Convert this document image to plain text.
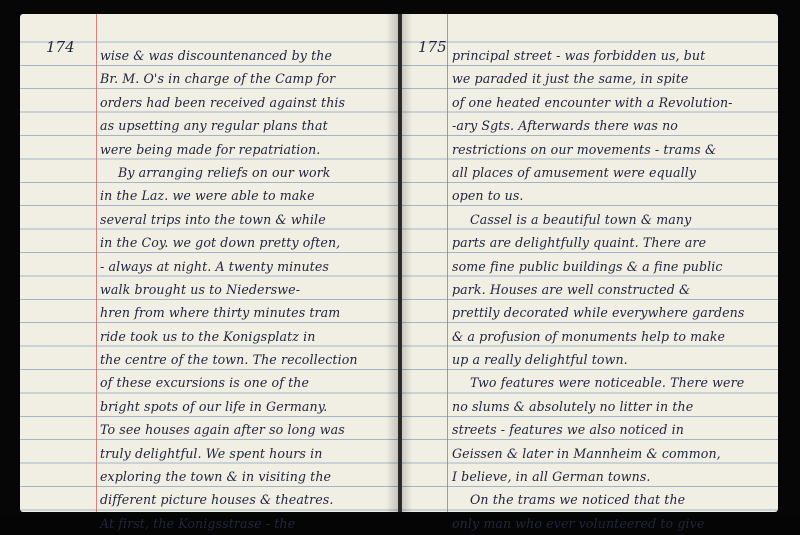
174 wise & was discountenanced by the
Br. M. O's in charge of the Camp for
orders had been received against this
as upsetting any regular plans that
were being made for repatriation.
By arranging reliefs on our work
in the Laz. we were able to make
several trips into the town & while
in the Coy. we got down pretty often,
- always at night. A twenty minutes
walk brought us to Niederswe-
hren from where thirty minutes tram
ride took us to the Konigsplatz in
the centre of the town. The recollection
of these excursions is one of the
bright spots of our life in Germany.
To see houses again after so long was
truly delightful. We spent hours in
exploring the town & in visiting the
different picture houses & theatres.
At first, the Konigsstrase - the
175 principal street - was forbidden us, but
we paraded it just the same, in spite
of one heated encounter with a Revolution-
-ary Sgts. Afterwards there was no
restrictions on our movements - trams &
all places of amusement were equally
open to us.
Cassel is a beautiful town & many
parts are delightfully quaint. There are
some fine public buildings & a fine public
park. Houses are well constructed &
prettily decorated while everywhere gardens
& a profusion of monuments help to make
up a really delightful town.
Two features were noticeable. There were
no slums & absolutely no litter in the
streets - features we also noticed in
Geissen & later in Mannheim & common,
I believe, in all German towns.
On the trams we noticed that the
only man who ever volunteered to give
